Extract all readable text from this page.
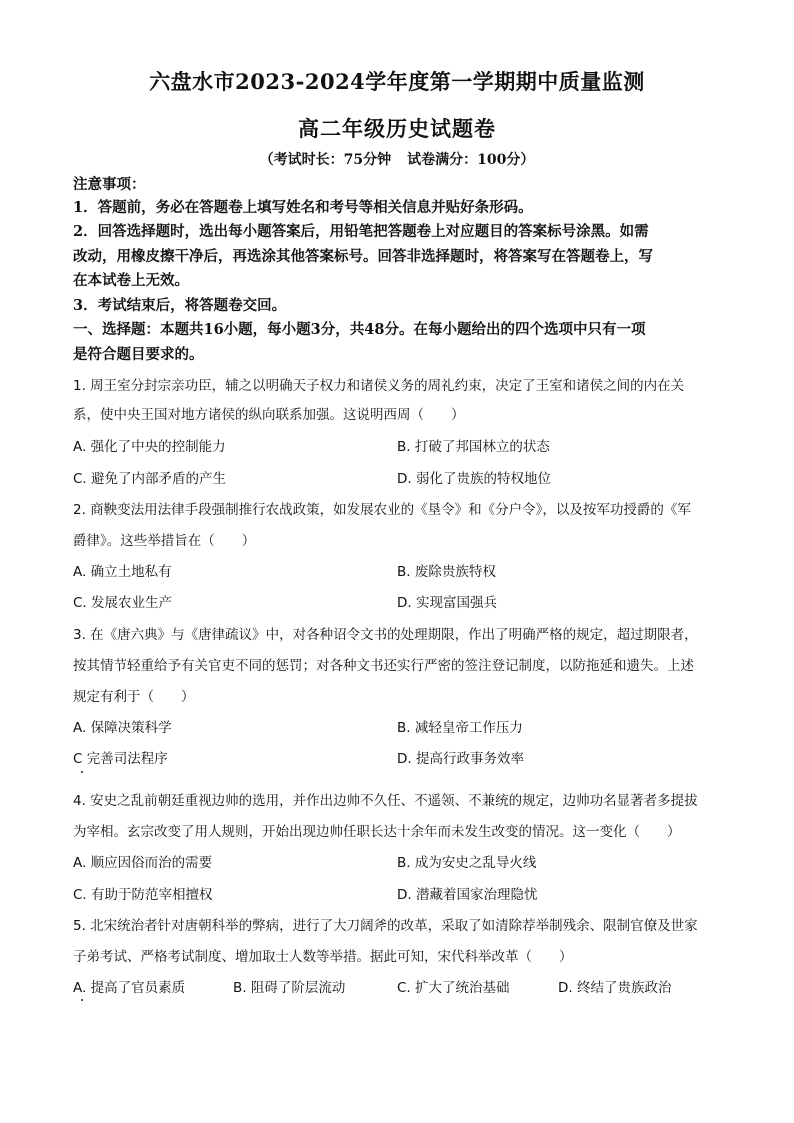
六盘水市2023-2024学年度第一学期期中质量监测
高二年级历史试题卷
（考试时长：75分钟 试卷满分：100分）
注意事项：
1．答题前，务必在答题卷上填写姓名和考号等相关信息并贴好条形码。
2．回答选择题时，选出每小题答案后，用铅笔把答题卷上对应题目的答案标号涂黑。如需
改动，用橡皮擦干净后，再选涂其他答案标号。回答非选择题时，将答案写在答题卷上，写
在本试卷上无效。
3．考试结束后，将答题卷交回。
一、选择题：本题共16小题，每小题3分，共48分。在每小题给出的四个选项中只有一项
是符合题目要求的。
1. 周王室分封宗亲功臣，辅之以明确天子权力和诸侯义务的周礼约束，决定了王室和诸侯之间的内在关
系，使中央王国对地方诸侯的纵向联系加强。这说明西周（　　）
A. 强化了中央的控制能力	B. 打破了邦国林立的状态
C. 避免了内部矛盾的产生	D. 弱化了贵族的特权地位
2. 商鞅变法用法律手段强制推行农战政策，如发展农业的《垦令》和《分户令》，以及按军功授爵的《军
爵律》。这些举措旨在（　　）
A. 确立土地私有	B. 废除贵族特权
C. 发展农业生产	D. 实现富国强兵
3. 在《唐六典》与《唐律疏议》中，对各种诏令文书的处理期限，作出了明确严格的规定，超过期限者，
按其情节轻重给予有关官吏不同的惩罚；对各种文书还实行严密的签注登记制度，以防拖延和遗失。上述
规定有利于（　　）
A. 保障决策科学	B. 减轻皇帝工作压力
C 完善司法程序	D. 提高行政事务效率
4. 安史之乱前朝廷重视边帅的选用，并作出边帅不久任、不遥领、不兼统的规定，边帅功名显著者多提拔
为宰相。玄宗改变了用人规则，开始出现边帅任职长达十余年而未发生改变的情况。这一变化（　　）
A. 顺应因俗而治的需要	B. 成为安史之乱导火线
C. 有助于防范宰相擅权	D. 潜藏着国家治理隐忧
5. 北宋统治者针对唐朝科举的弊病，进行了大刀阔斧的改革，采取了如清除荐举制残余、限制官僚及世家
子弟考试、严格考试制度、增加取士人数等举措。据此可知，宋代科举改革（　　）
A. 提高了官员素质	B. 阻碍了阶层流动	C. 扩大了统治基础	D. 终结了贵族政治
